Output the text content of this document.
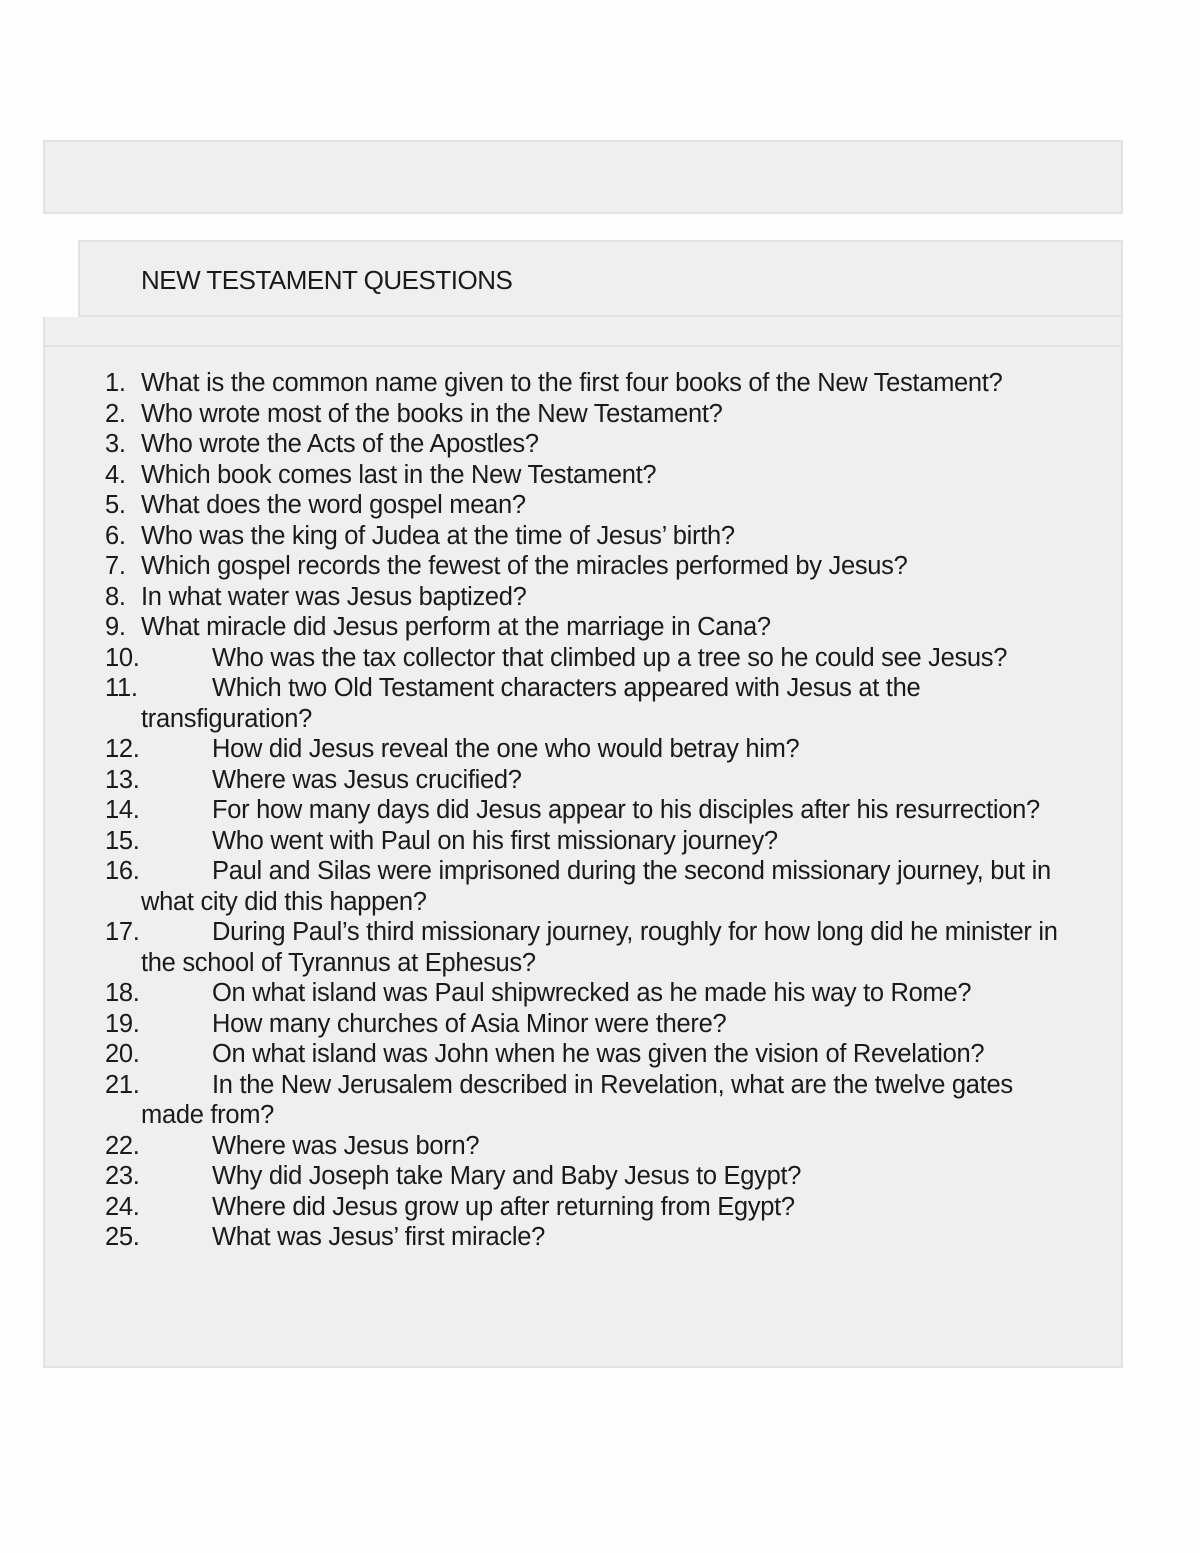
NEW TESTAMENT QUESTIONS
1. What is the common name given to the first four books of the New Testament?
2. Who wrote most of the books in the New Testament?
3. Who wrote the Acts of the Apostles?
4. Which book comes last in the New Testament?
5. What does the word gospel mean?
6. Who was the king of Judea at the time of Jesus’ birth?
7. Which gospel records the fewest of the miracles performed by Jesus?
8. In what water was Jesus baptized?
9. What miracle did Jesus perform at the marriage in Cana?
10.	Who was the tax collector that climbed up a tree so he could see Jesus?
11.	Which two Old Testament characters appeared with Jesus at the transfiguration?
12.	How did Jesus reveal the one who would betray him?
13.	Where was Jesus crucified?
14.	For how many days did Jesus appear to his disciples after his resurrection?
15.	Who went with Paul on his first missionary journey?
16.	Paul and Silas were imprisoned during the second missionary journey, but in what city did this happen?
17.	During Paul’s third missionary journey, roughly for how long did he minister in the school of Tyrannus at Ephesus?
18.	On what island was Paul shipwrecked as he made his way to Rome?
19.	How many churches of Asia Minor were there?
20.	On what island was John when he was given the vision of Revelation?
21.	In the New Jerusalem described in Revelation, what are the twelve gates made from?
22.	Where was Jesus born?
23.	Why did Joseph take Mary and Baby Jesus to Egypt?
24.	Where did Jesus grow up after returning from Egypt?
25.	What was Jesus’ first miracle?
